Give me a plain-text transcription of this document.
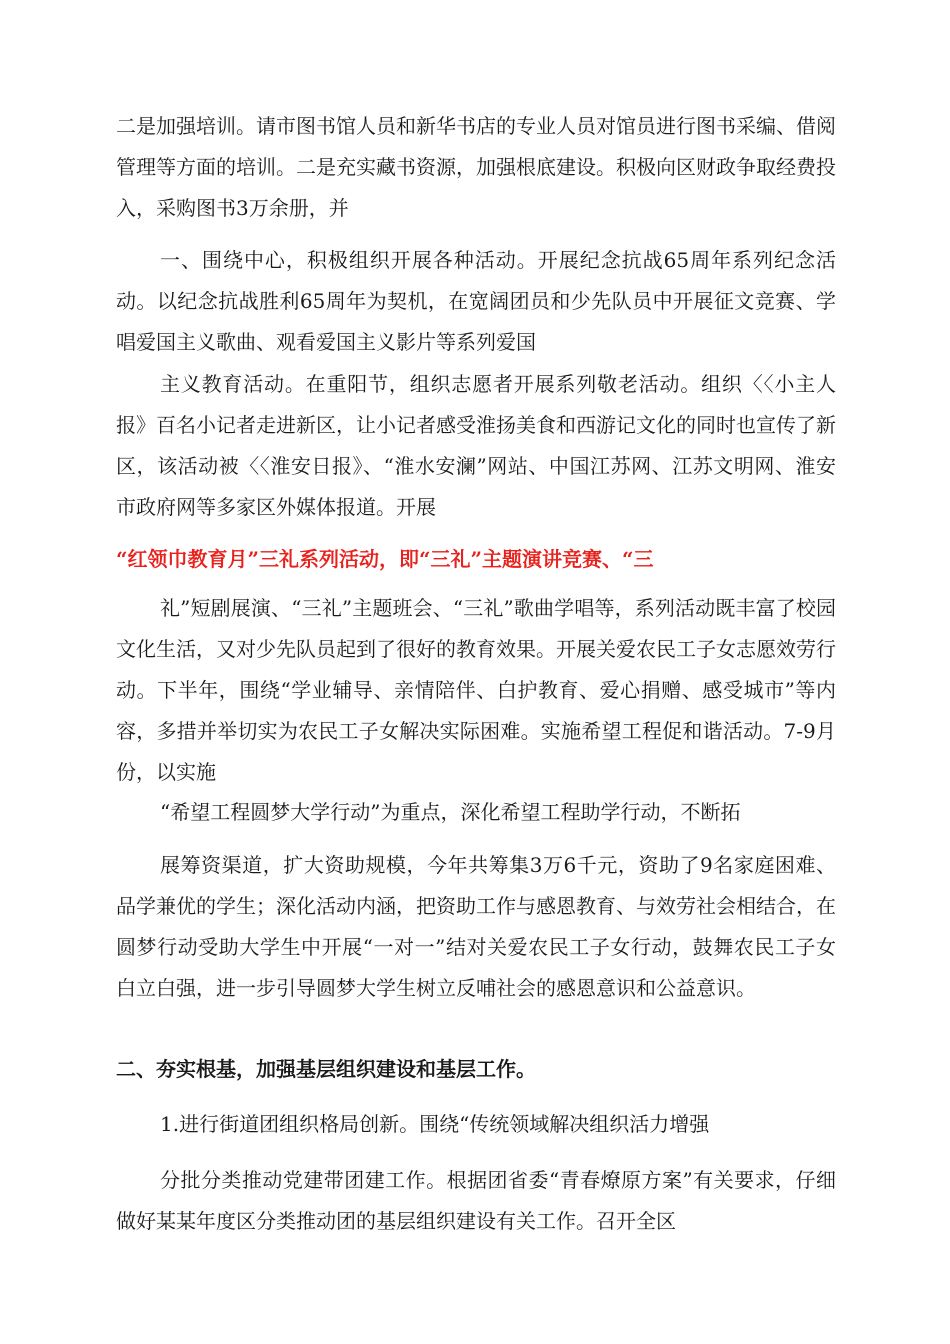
二是加强培训。请市图书馆人员和新华书店的专业人员对馆员进行图书采编、借阅管理等方面的培训。二是充实藏书资源，加强根底建设。积极向区财政争取经费投入，采购图书3万余册，并

一、围绕中心，积极组织开展各种活动。开展纪念抗战65周年系列纪念活动。以纪念抗战胜利65周年为契机，在宽阔团员和少先队员中开展征文竞赛、学唱爱国主义歌曲、观看爱国主义影片等系列爱国

主义教育活动。在重阳节，组织志愿者开展系列敬老活动。组织〈〈小主人报》百名小记者走进新区，让小记者感受淮扬美食和西游记文化的同时也宣传了新区，该活动被〈〈淮安日报》、“淮水安澜”网站、中国江苏网、江苏文明网、淮安市政府网等多家区外媒体报道。开展

“红领巾教育月”三礼系列活动，即“三礼”主题演讲竞赛、“三

礼”短剧展演、“三礼”主题班会、“三礼”歌曲学唱等，系列活动既丰富了校园文化生活，又对少先队员起到了很好的教育效果。开展关爱农民工子女志愿效劳行动。下半年，围绕“学业辅导、亲情陪伴、白护教育、爱心捐赠、感受城市”等内容，多措并举切实为农民工子女解决实际困难。实施希望工程促和谐活动。7-9月份，以实施

“希望工程圆梦大学行动”为重点，深化希望工程助学行动，不断拓

展筹资渠道，扩大资助规模，今年共筹集3万6千元，资助了9名家庭困难、品学兼优的学生；深化活动内涵，把资助工作与感恩教育、与效劳社会相结合，在圆梦行动受助大学生中开展“一对一”结对关爱农民工子女行动，鼓舞农民工子女白立白强，进一步引导圆梦大学生树立反哺社会的感恩意识和公益意识。

二、夯实根基，加强基层组织建设和基层工作。

1.进行街道团组织格局创新。围绕“传统领域解决组织活力增强

分批分类推动党建带团建工作。根据团省委“青春燎原方案”有关要求，仔细做好某某年度区分类推动团的基层组织建设有关工作。召开全区
